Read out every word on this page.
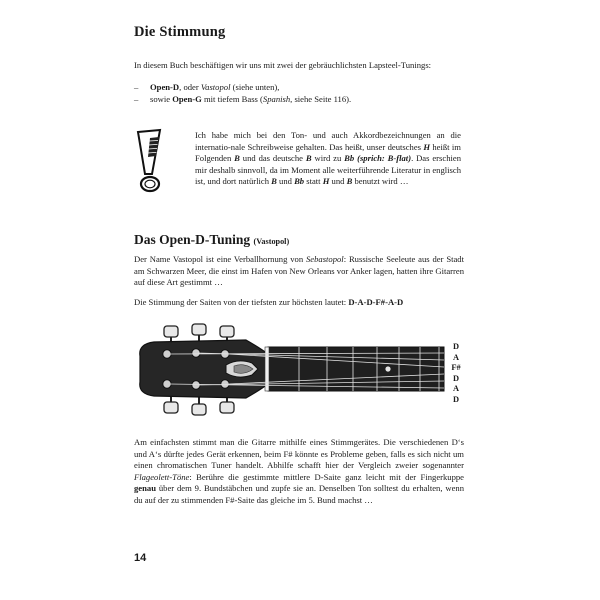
Die Stimmung

In diesem Buch beschäftigen wir uns mit zwei der gebräuchlichsten Lapsteel-Tunings:

–	Open-D, oder Vastopol (siehe unten),
–	sowie Open-G mit tiefem Bass (Spanish, siehe Seite 116).

Ich habe mich bei den Ton- und auch Akkordbezeichnungen an die internatio-nale Schreibweise gehalten. Das heißt, unser deutsches H heißt im Folgenden B und das deutsche B wird zu Bb (sprich: B-flat). Das erschien mir deshalb sinnvoll, da im Moment alle weiterführende Literatur in englisch ist, und dort natürlich B und Bb statt H und B benutzt wird …

Das Open-D-Tuning (Vastopol)

Der Name Vastopol ist eine Verballhornung von Sebastopol: Russische Seeleute aus der Stadt am Schwarzen Meer, die einst im Hafen von New Orleans vor Anker lagen, hatten ihre Gitarren auf diese Art gestimmt …

Die Stimmung der Saiten von der tiefsten zur höchsten lautet: D-A-D-F#-A-D

D
A
F#
D
A
D

Am einfachsten stimmt man die Gitarre mithilfe eines Stimmgerätes. Die verschiedenen D‘s und A‘s dürfte jedes Gerät erkennen, beim F# könnte es Probleme geben, falls es sich nicht um einen chromatischen Tuner handelt. Abhilfe schafft hier der Vergleich zweier sogenannter Flageolett-Töne: Berühre die gestimmte mittlere D-Saite ganz leicht mit der Fingerkuppe genau über dem 9. Bundstäbchen und zupfe sie an. Denselben Ton solltest du erhalten, wenn du auf der zu stimmenden F#-Saite das gleiche im 5. Bund machst …

14
